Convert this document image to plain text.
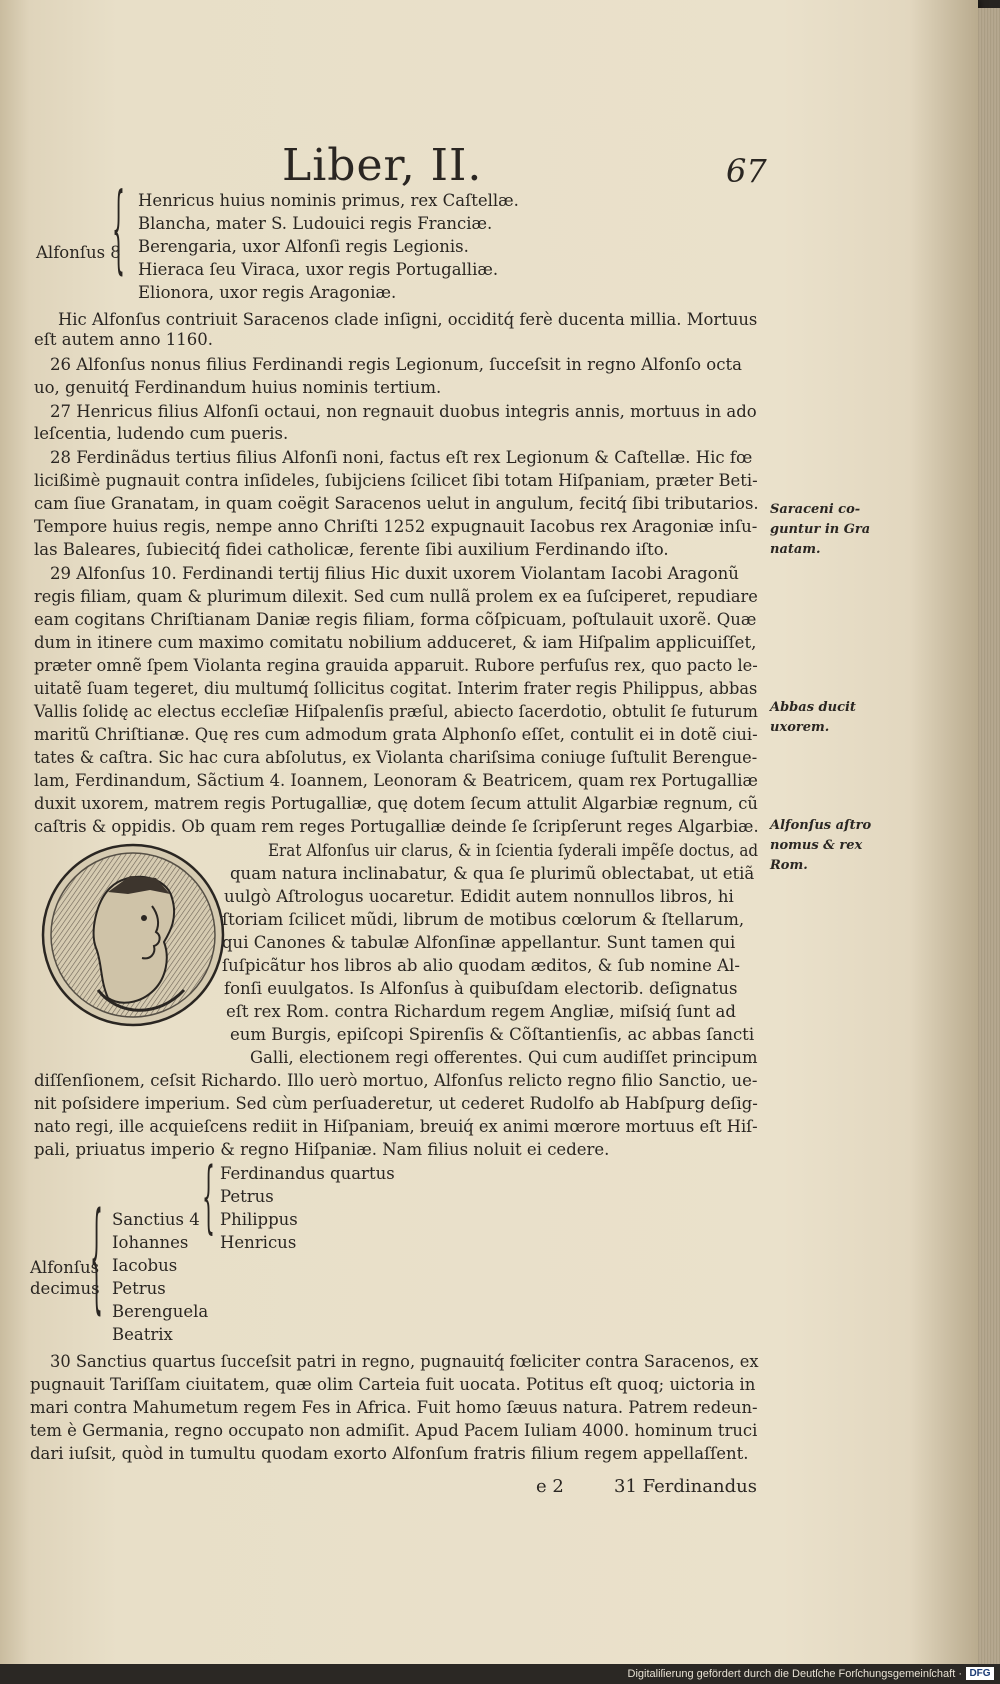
Liber, II.	67
Alfonſus 8
{ Henricus huius nominis primus, rex Caſtellæ.
Blancha, mater S. Ludouici regis Franciæ.
Berengaria, uxor Alfonſi regis Legionis.
Hieraca ſeu Viraca, uxor regis Portugalliæ.
Elionora, uxor regis Aragoniæ.
Hic Alfonſus contriuit Saracenos clade inſigni, occiditq́ ferè ducenta millia. Mortuus
eſt autem anno 1160.
26 Alfonſus nonus filius Ferdinandi regis Legionum, ſucceſsit in regno Alfonſo octa
uo, genuitq́ Ferdinandum huius nominis tertium.
27 Henricus filius Alfonſi octaui, non regnauit duobus integris annis, mortuus in ado
leſcentia, ludendo cum pueris.
28 Ferdinãdus tertius filius Alfonſi noni, factus eſt rex Legionum & Caſtellæ. Hic fœ
licißimè pugnauit contra inſideles, ſubijciens ſcilicet ſibi totam Hiſpaniam, præter Beti-
cam ſiue Granatam, in quam coëgit Saracenos uelut in angulum, fecitq́ ſibi tributarios.
Tempore huius regis, nempe anno Chriſti 1252 expugnauit Iacobus rex Aragoniæ inſu-
las Baleares, ſubiecitq́ fidei catholicæ, ferente ſibi auxilium Ferdinando iſto.
29 Alfonſus 10. Ferdinandi tertij filius Hic duxit uxorem Violantam Iacobi Aragonũ
regis filiam, quam & plurimum dilexit. Sed cum nullã prolem ex ea ſuſciperet, repudiare
eam cogitans Chriſtianam Daniæ regis filiam, forma cõſpicuam, poſtulauit uxorẽ. Quæ
dum in itinere cum maximo comitatu nobilium adduceret, & iam Hiſpalim applicuiſſet,
præter omnẽ ſpem Violanta regina grauida apparuit. Rubore perfuſus rex, quo pacto le-
uitatẽ ſuam tegeret, diu multumq́ ſollicitus cogitat. Interim frater regis Philippus, abbas
Vallis ſolidę ac electus eccleſiæ Hiſpalenſis præſul, abiecto ſacerdotio, obtulit ſe futurum
maritũ Chriſtianæ. Quę res cum admodum grata Alphonſo eſſet, contulit ei in dotẽ ciui-
tates & caſtra. Sic hac cura abſolutus, ex Violanta chariſsima coniuge ſuſtulit Berengue-
lam, Ferdinandum, Sãctium 4. Ioannem, Leonoram & Beatricem, quam rex Portugalliæ
duxit uxorem, matrem regis Portugalliæ, quę dotem ſecum attulit Algarbiæ regnum, cũ
caſtris & oppidis. Ob quam rem reges Portugalliæ deinde ſe ſcripſerunt reges Algarbiæ.
Erat Alfonſus uir clarus, & in ſcientia ſyderali impẽſe doctus, ad
quam natura inclinabatur, & qua ſe plurimũ oblectabat, ut etiã
uulgò Aſtrologus uocaretur. Edidit autem nonnullos libros, hi
ſtoriam ſcilicet mũdi, librum de motibus cœlorum & ſtellarum,
qui Canones & tabulæ Alfonſinæ appellantur. Sunt tamen qui
ſuſpicãtur hos libros ab alio quodam æditos, & ſub nomine Al-
fonſi euulgatos. Is Alfonſus à quibuſdam electorib. deſignatus
eſt rex Rom. contra Richardum regem Angliæ, miſsiq́ ſunt ad
eum Burgis, epiſcopi Spirenſis & Cõſtantienſis, ac abbas ſancti
Galli, electionem regi offerentes. Qui cum audiſſet principum
diſſenſionem, ceſsit Richardo. Illo uerò mortuo, Alfonſus relicto regno filio Sanctio, ue-
nit poſsidere imperium. Sed cùm perſuaderetur, ut cederet Rudolfo ab Habſpurg deſig-
nato regi, ille acquieſcens rediit in Hiſpaniam, breuiq́ ex animi mœrore mortuus eſt Hiſ-
pali, priuatus imperio & regno Hiſpaniæ. Nam filius noluit ei cedere.
{ Ferdinandus quartus
Petrus
Philippus
Henricus
{ Sanctius 4
Iohannes
Iacobus
Petrus
Berenguela
Beatrix
Alfonſus
decimus
30 Sanctius quartus ſucceſsit patri in regno, pugnauitq́ fœliciter contra Saracenos, ex
pugnauit Tariſſam ciuitatem, quæ olim Carteia fuit uocata. Potitus eſt quoq; uictoria in
mari contra Mahumetum regem Fes in Africa. Fuit homo ſæuus natura. Patrem redeun-
tem è Germania, regno occupato non admiſit. Apud Pacem Iuliam 4000. hominum truci
dari iuſsit, quòd in tumultu quodam exorto Alfonſum fratris filium regem appellaſſent.
e 2	31 Ferdinandus
Saraceni co-
guntur in Gra
natam.
Abbas ducit
uxorem.
Alfonſus aſtro
nomus & rex
Rom.
Digitaliſierung gefördert durch die Deutſche Forſchungsgemeinſchaft · DFG
